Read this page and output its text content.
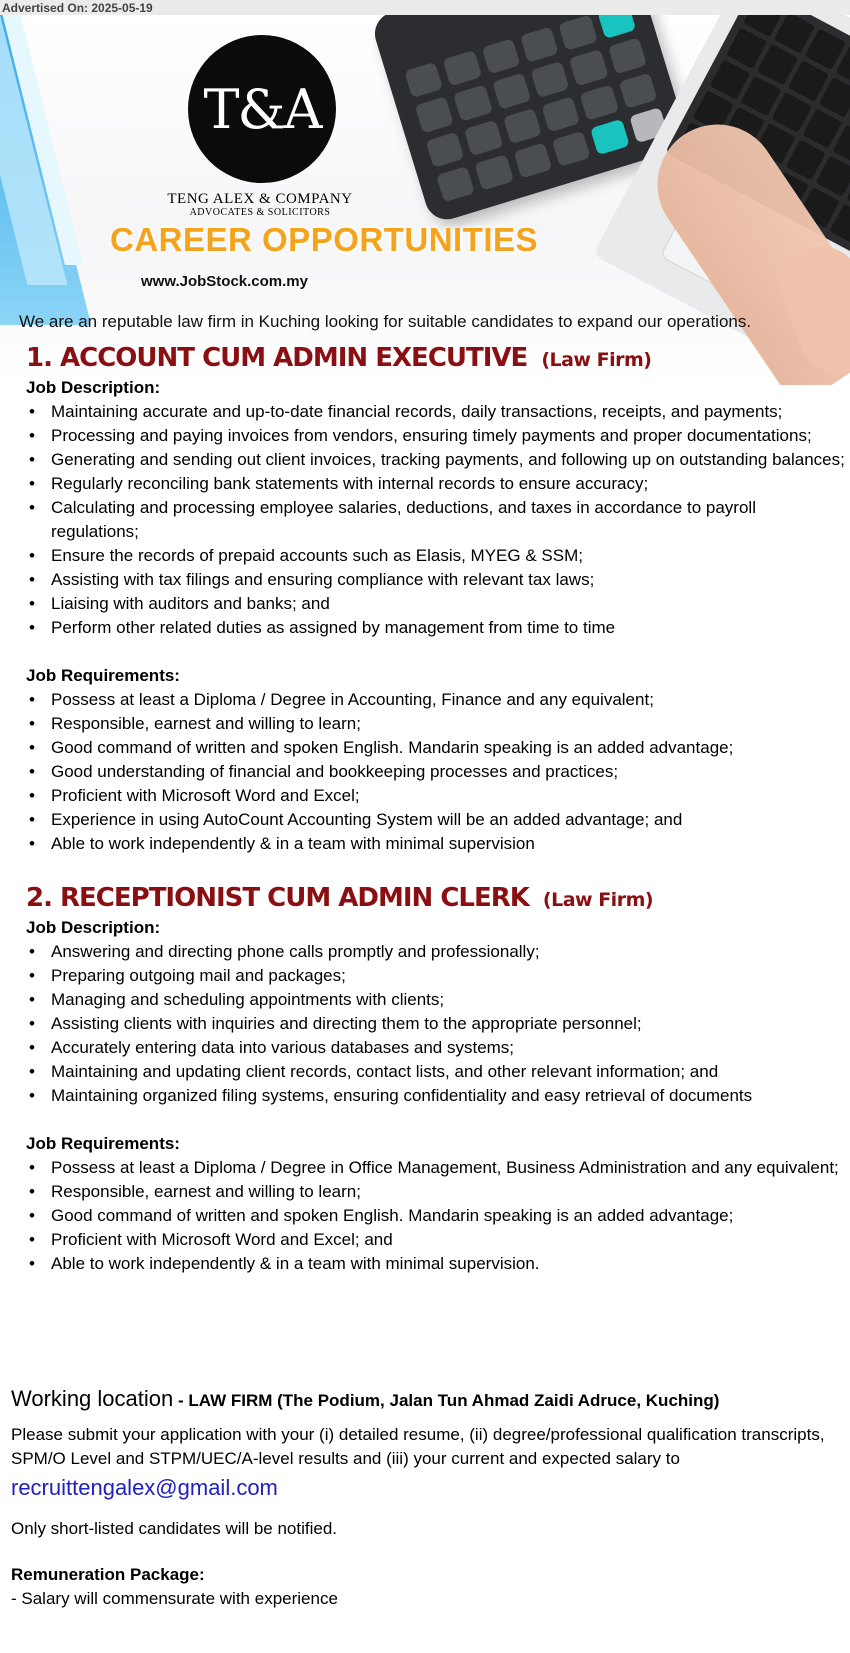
Advertised On: 2025-05-19
T&A
TENG ALEX & COMPANY
ADVOCATES & SOLICITORS
CAREER OPPORTUNITIES
www.JobStock.com.my
We are an reputable law firm in Kuching looking for suitable candidates to expand our operations.
1. ACCOUNT CUM ADMIN EXECUTIVE (Law Firm)
Job Description:
• Maintaining accurate and up-to-date financial records, daily transactions, receipts, and payments;
• Processing and paying invoices from vendors, ensuring timely payments and proper documentations;
• Generating and sending out client invoices, tracking payments, and following up on outstanding balances;
• Regularly reconciling bank statements with internal records to ensure accuracy;
• Calculating and processing employee salaries, deductions, and taxes in accordance to payroll regulations;
• Ensure the records of prepaid accounts such as Elasis, MYEG & SSM;
• Assisting with tax filings and ensuring compliance with relevant tax laws;
• Liaising with auditors and banks; and
• Perform other related duties as assigned by management from time to time
Job Requirements:
• Possess at least a Diploma / Degree in Accounting, Finance and any equivalent;
• Responsible, earnest and willing to learn;
• Good command of written and spoken English. Mandarin speaking is an added advantage;
• Good understanding of financial and bookkeeping processes and practices;
• Proficient with Microsoft Word and Excel;
• Experience in using AutoCount Accounting System will be an added advantage; and
• Able to work independently & in a team with minimal supervision
2. RECEPTIONIST CUM ADMIN CLERK (Law Firm)
Job Description:
• Answering and directing phone calls promptly and professionally;
• Preparing outgoing mail and packages;
• Managing and scheduling appointments with clients;
• Assisting clients with inquiries and directing them to the appropriate personnel;
• Accurately entering data into various databases and systems;
• Maintaining and updating client records, contact lists, and other relevant information; and
• Maintaining organized filing systems, ensuring confidentiality and easy retrieval of documents
Job Requirements:
• Possess at least a Diploma / Degree in Office Management, Business Administration and any equivalent;
• Responsible, earnest and willing to learn;
• Good command of written and spoken English. Mandarin speaking is an added advantage;
• Proficient with Microsoft Word and Excel; and
• Able to work independently & in a team with minimal supervision.
Working location - LAW FIRM (The Podium, Jalan Tun Ahmad Zaidi Adruce, Kuching)
Please submit your application with your (i) detailed resume, (ii) degree/professional qualification transcripts, SPM/O Level and STPM/UEC/A-level results and (iii) your current and expected salary to
recruittengalex@gmail.com
Only short-listed candidates will be notified.
Remuneration Package:
- Salary will commensurate with experience
